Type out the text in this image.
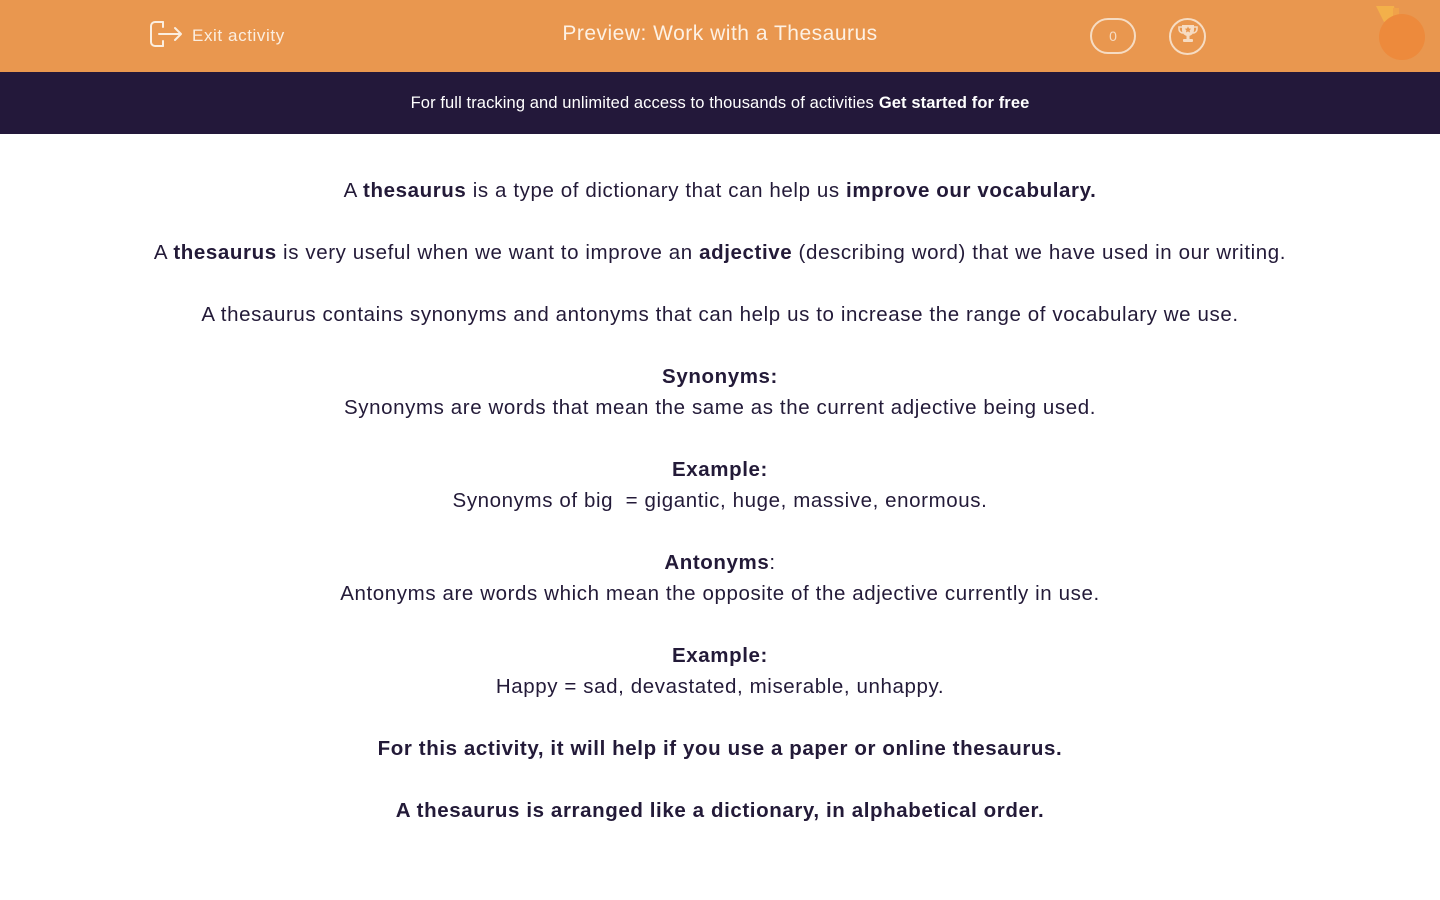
Exit activity	Preview: Work with a Thesaurus	0
For full tracking and unlimited access to thousands of activities Get started for free

A thesaurus is a type of dictionary that can help us improve our vocabulary.

A thesaurus is very useful when we want to improve an adjective (describing word) that we have used in our writing.

A thesaurus contains synonyms and antonyms that can help us to increase the range of vocabulary we use.

Synonyms:

Synonyms are words that mean the same as the current adjective being used.

Example:

Synonyms of big  = gigantic, huge, massive, enormous.

Antonyms:

Antonyms are words which mean the opposite of the adjective currently in use.

Example:

Happy = sad, devastated, miserable, unhappy.

For this activity, it will help if you use a paper or online thesaurus.

A thesaurus is arranged like a dictionary, in alphabetical order.
